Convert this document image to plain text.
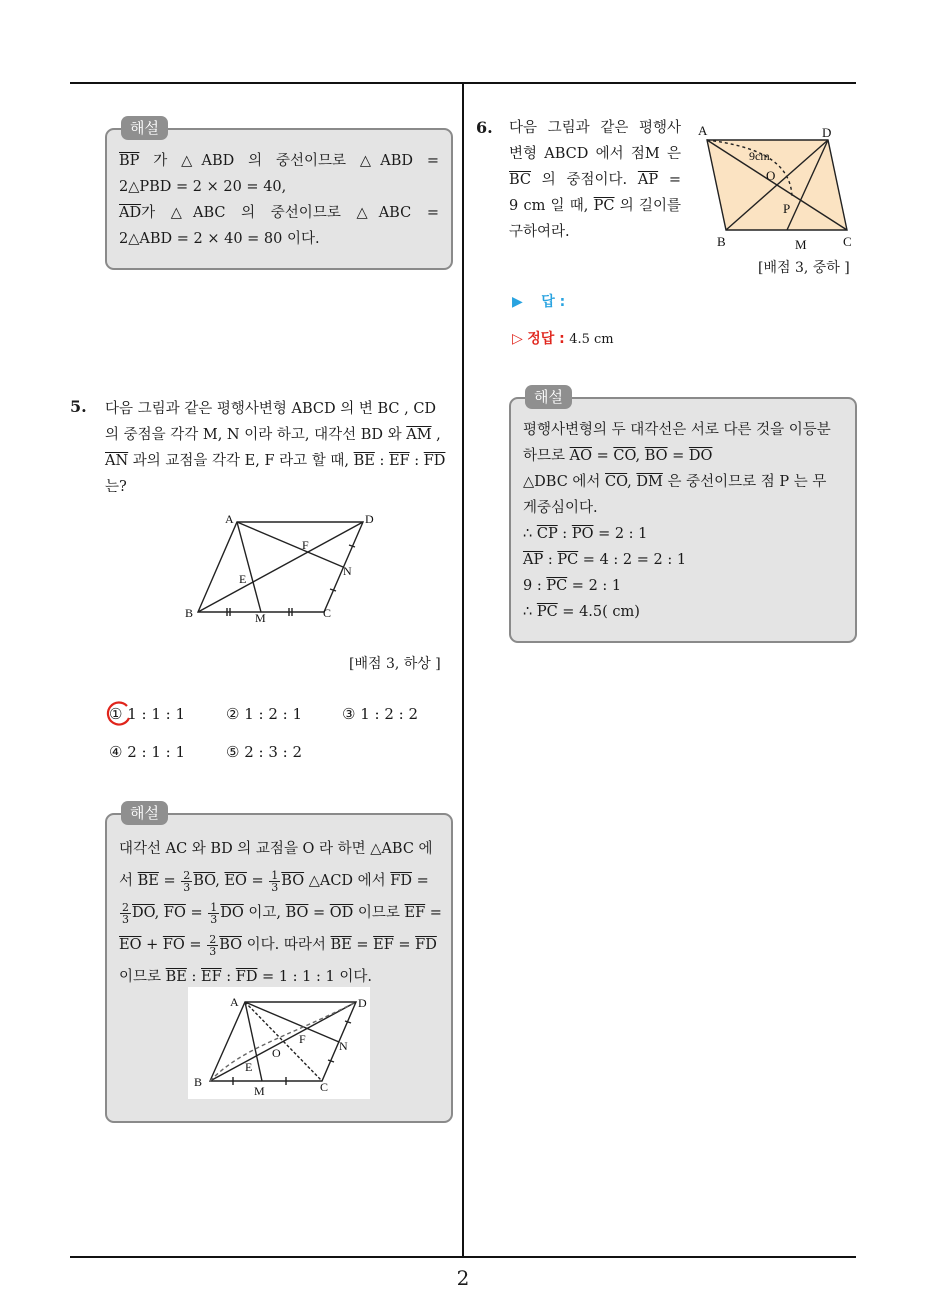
해설
$\overline{BP}$ 가 △ABD 의 중선이므로 △ABD =
2△PBD = 2 × 20 = 40,
$\overline{AD}$가 △ABC 의 중선이므로 △ABC =
2△ABD = 2 × 40 = 80 이다.
5. 다음 그림과 같은 평행사변형 ABCD 의 변 BC , CD
의 중점을 각각 M, N 이라 하고, 대각선 BD 와 $\overline{AM}$ ,
$\overline{AN}$ 과의 교점을 각각 E, F 라고 할 때, $\overline{BE}$ : $\overline{EF}$ : $\overline{FD}$
는?
A	D
B	C
M
N
E
F
[배점 3, 하상 ]
① 1 : 1 : 1	② 1 : 2 : 1	③ 1 : 2 : 2
④ 2 : 1 : 1	⑤ 2 : 3 : 2
해설
대각선 AC 와 BD 의 교점을 O 라 하면 △ABC 에
서 $\overline{BE} = \frac{2}{3} \overline{BO}$, $\overline{EO} = \frac{1}{3} \overline{BO}$ △ACD 에서 $\overline{FD}$ =
$\frac{2}{3} \overline{DO}$, $\overline{FO} = \frac{1}{3} \overline{DO}$ 이고, $\overline{BO} = \overline{OD}$ 이므로 $\overline{EF}$ =
$\overline{EO} + \overline{FO} = \frac{2}{3} \overline{BO}$ 이다. 따라서 $\overline{BE} = \overline{EF} = \overline{FD}$
이므로 $\overline{BE}$ : $\overline{EF}$ : $\overline{FD} = 1$ : 1 : 1 이다.
A	D
B	C
M
N
E
F
O
6. 다음 그림과 같은 평행사
변형 ABCD 에서 점M 은
$\overline{BC}$ 의 중점이다. $\overline{AP}$ =
9 cm 일 때, $\overline{PC}$ 의 길이를
구하여라.
A	D
B	C
M
O
P
9cm
[배점 3, 중하 ]
▶ 답 :
▷ 정답 : 4.5 cm
해설
평행사변형의 두 대각선은 서로 다른 것을 이등분
하므로 $\overline{AO} = \overline{CO}$, $\overline{BO} = \overline{DO}$
△DBC 에서 $\overline{CO}$, $\overline{DM}$ 은 중선이므로 점 P 는 무
게중심이다.
∴ $\overline{CP}$ : $\overline{PO} = 2$ : 1
$\overline{AP}$ : $\overline{PC} = 4$ : 2 = 2 : 1
9 : $\overline{PC} = 2$ : 1
∴ $\overline{PC} = 4.5$( cm)
2
